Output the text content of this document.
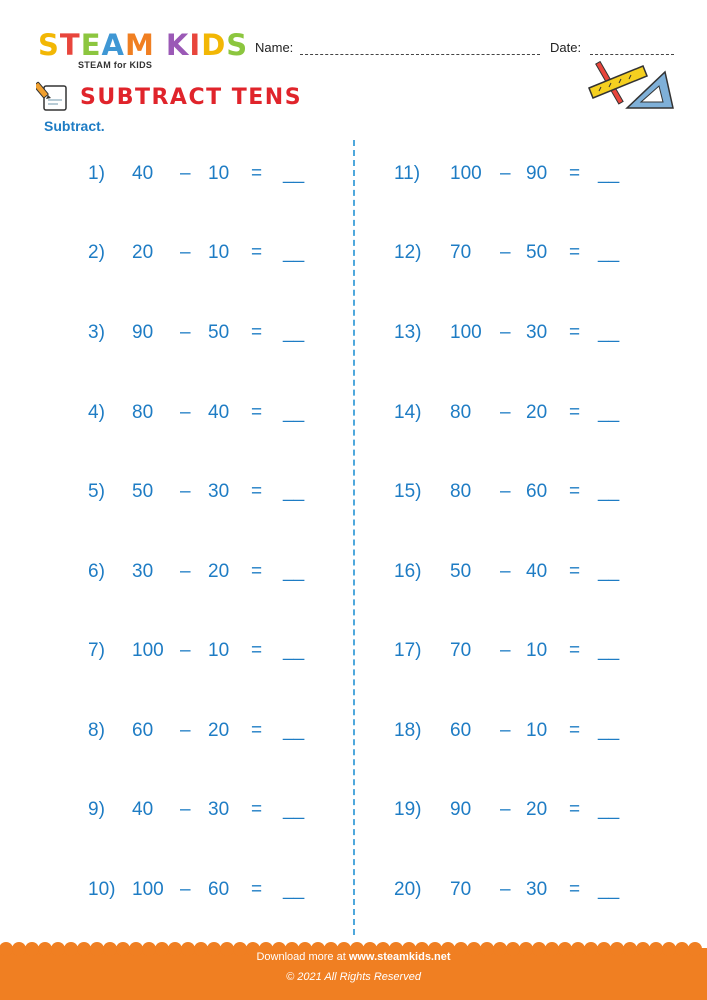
STEAM KIDS
STEAM for KIDS
Name:	Date:
SUBTRACT TENS
Subtract.
1) 40 – 10 = __
2) 20 – 10 = __
3) 90 – 50 = __
4) 80 – 40 = __
5) 50 – 30 = __
6) 30 – 20 = __
7) 100 – 10 = __
8) 60 – 20 = __
9) 40 – 30 = __
10) 100 – 60 = __
11) 100 – 90 = __
12) 70 – 50 = __
13) 100 – 30 = __
14) 80 – 20 = __
15) 80 – 60 = __
16) 50 – 40 = __
17) 70 – 10 = __
18) 60 – 10 = __
19) 90 – 20 = __
20) 70 – 30 = __
Download more at www.steamkids.net
© 2021 All Rights Reserved
